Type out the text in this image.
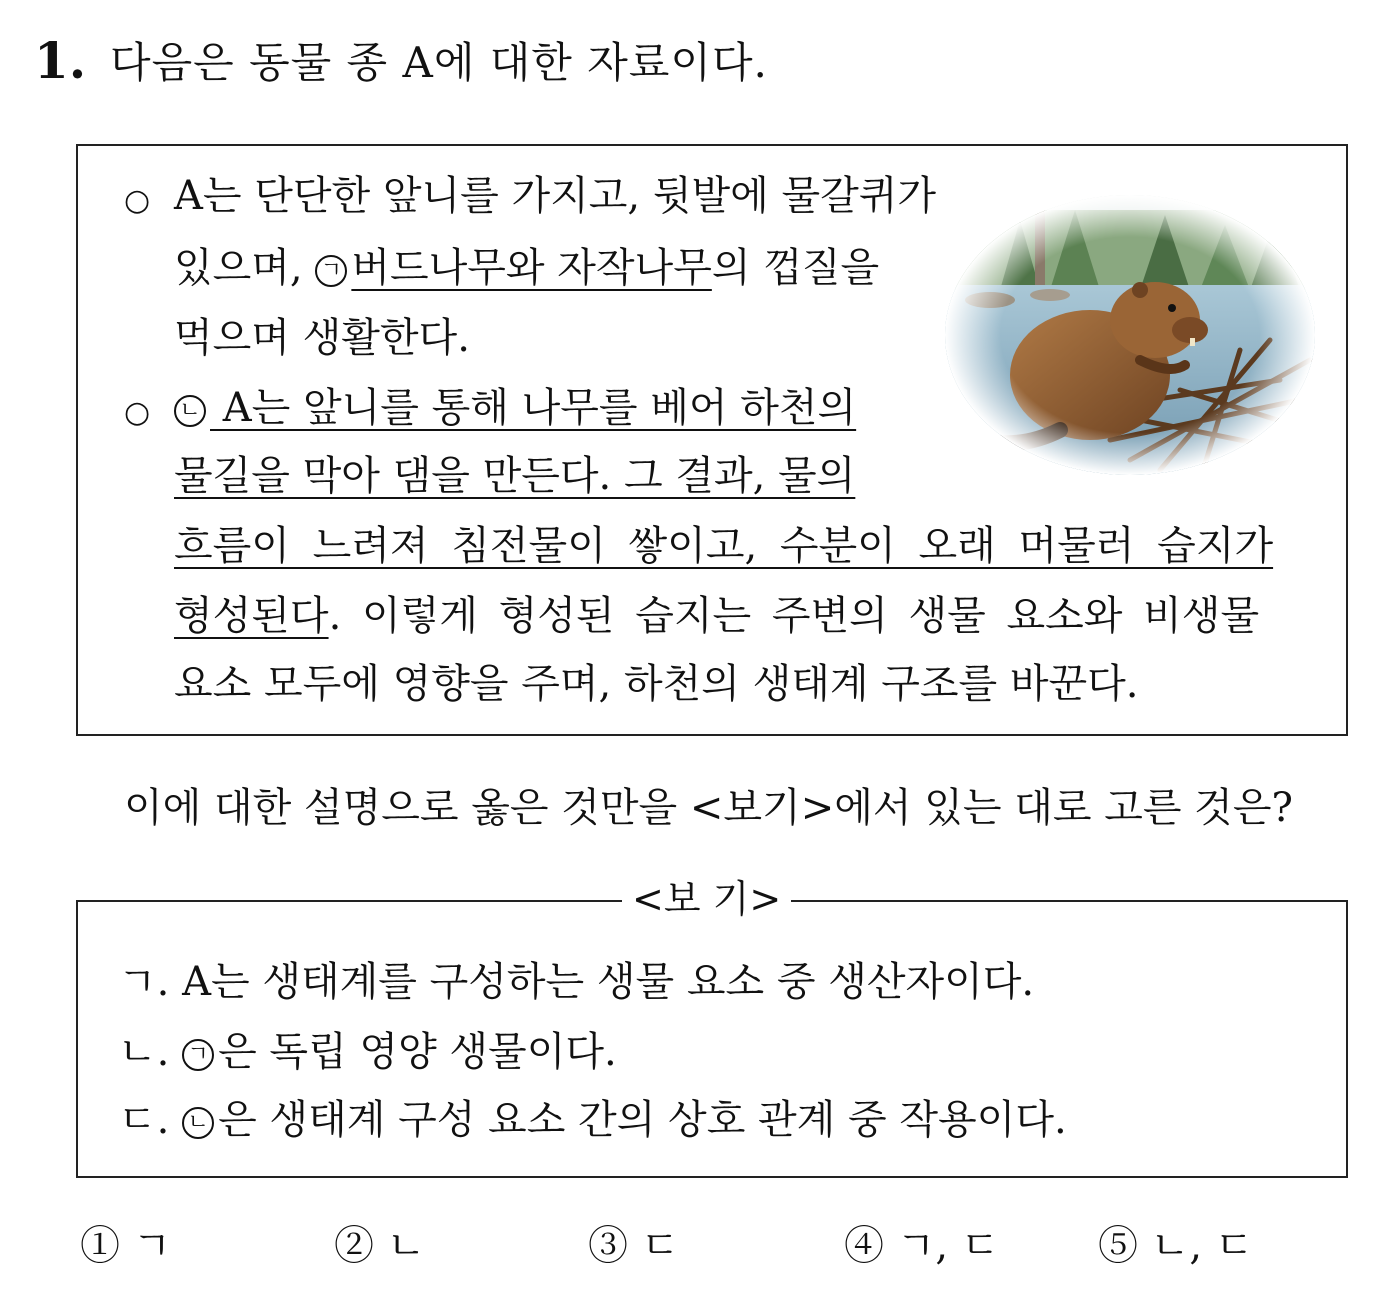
1. 다음은 동물 종 A에 대한 자료이다.
○ A는 단단한 앞니를 가지고, 뒷발에 물갈퀴가
있으며, ㄱ 버드나무와 자작나무의 껍질을
먹으며 생활한다.
○ ㄴ A는 앞니를 통해 나무를 베어 하천의
물길을 막아 댐을 만든다. 그 결과, 물의
흐름이 느려져 침전물이 쌓이고, 수분이 오래 머물러 습지가
형성된다. 이렇게 형성된 습지는 주변의 생물 요소와 비생물
요소 모두에 영향을 주며, 하천의 생태계 구조를 바꾼다.
이에 대한 설명으로 옳은 것만을 <보기>에서 있는 대로 고른 것은?
<보 기>
ㄱ. A는 생태계를 구성하는 생물 요소 중 생산자이다.
ㄴ. ㄱ 은 독립 영양 생물이다.
ㄷ. ㄴ 은 생태계 구성 요소 간의 상호 관계 중 작용이다.
① ㄱ	② ㄴ	③ ㄷ	④ ㄱ, ㄷ ⑤ ㄴ, ㄷ
